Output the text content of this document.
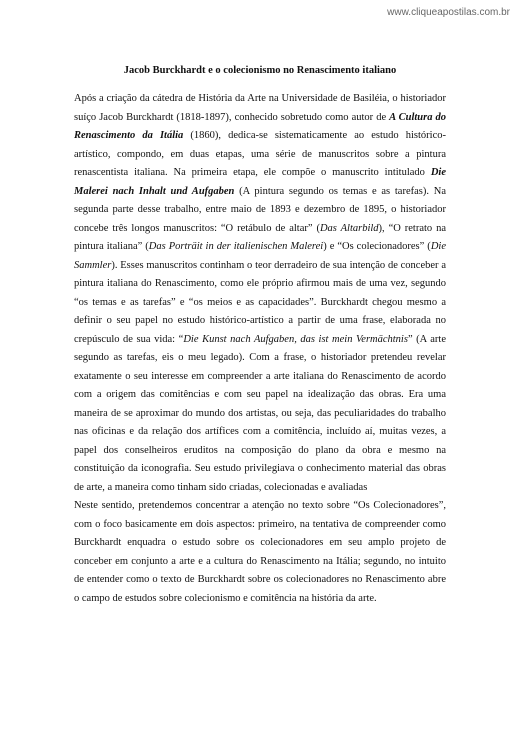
www.cliqueapostilas.com.br
Jacob Burckhardt e o colecionismo no Renascimento italiano

Após a criação da cátedra de História da Arte na Universidade de Basiléia, o historiador suíço Jacob Burckhardt (1818-1897), conhecido sobretudo como autor de A Cultura do Renascimento da Itália (1860), dedica-se sistematicamente ao estudo histórico-artístico, compondo, em duas etapas, uma série de manuscritos sobre a pintura renascentista italiana. Na primeira etapa, ele compõe o manuscrito intitulado Die Malerei nach Inhalt und Aufgaben (A pintura segundo os temas e as tarefas). Na segunda parte desse trabalho, entre maio de 1893 e dezembro de 1895, o historiador concebe três longos manuscritos: “O retábulo de altar” (Das Altarbild), “O retrato na pintura italiana” (Das Porträit in der italienischen Malerei) e “Os colecionadores” (Die Sammler). Esses manuscritos continham o teor derradeiro de sua intenção de conceber a pintura italiana do Renascimento, como ele próprio afirmou mais de uma vez, segundo “os temas e as tarefas” e “os meios e as capacidades”. Burckhardt chegou mesmo a definir o seu papel no estudo histórico-artístico a partir de uma frase, elaborada no crepúsculo de sua vida: “Die Kunst nach Aufgaben, das ist mein Vermächtnis” (A arte segundo as tarefas, eis o meu legado). Com a frase, o historiador pretendeu revelar exatamente o seu interesse em compreender a arte italiana do Renascimento de acordo com a origem das comitências e com seu papel na idealização das obras. Era uma maneira de se aproximar do mundo dos artistas, ou seja, das peculiaridades do trabalho nas oficinas e da relação dos artífices com a comitência, incluído aí, muitas vezes, a papel dos conselheiros eruditos na composição do plano da obra e mesmo na constituição da iconografia. Seu estudo privilegiava o conhecimento material das obras de arte, a maneira como tinham sido criadas, colecionadas e avaliadas

Neste sentido, pretendemos concentrar a atenção no texto sobre “Os Colecionadores”, com o foco basicamente em dois aspectos: primeiro, na tentativa de compreender como Burckhardt enquadra o estudo sobre os colecionadores em seu amplo projeto de conceber em conjunto a arte e a cultura do Renascimento na Itália; segundo, no intuito de entender como o texto de Burckhardt sobre os colecionadores no Renascimento abre o campo de estudos sobre colecionismo e comitência na história da arte.
